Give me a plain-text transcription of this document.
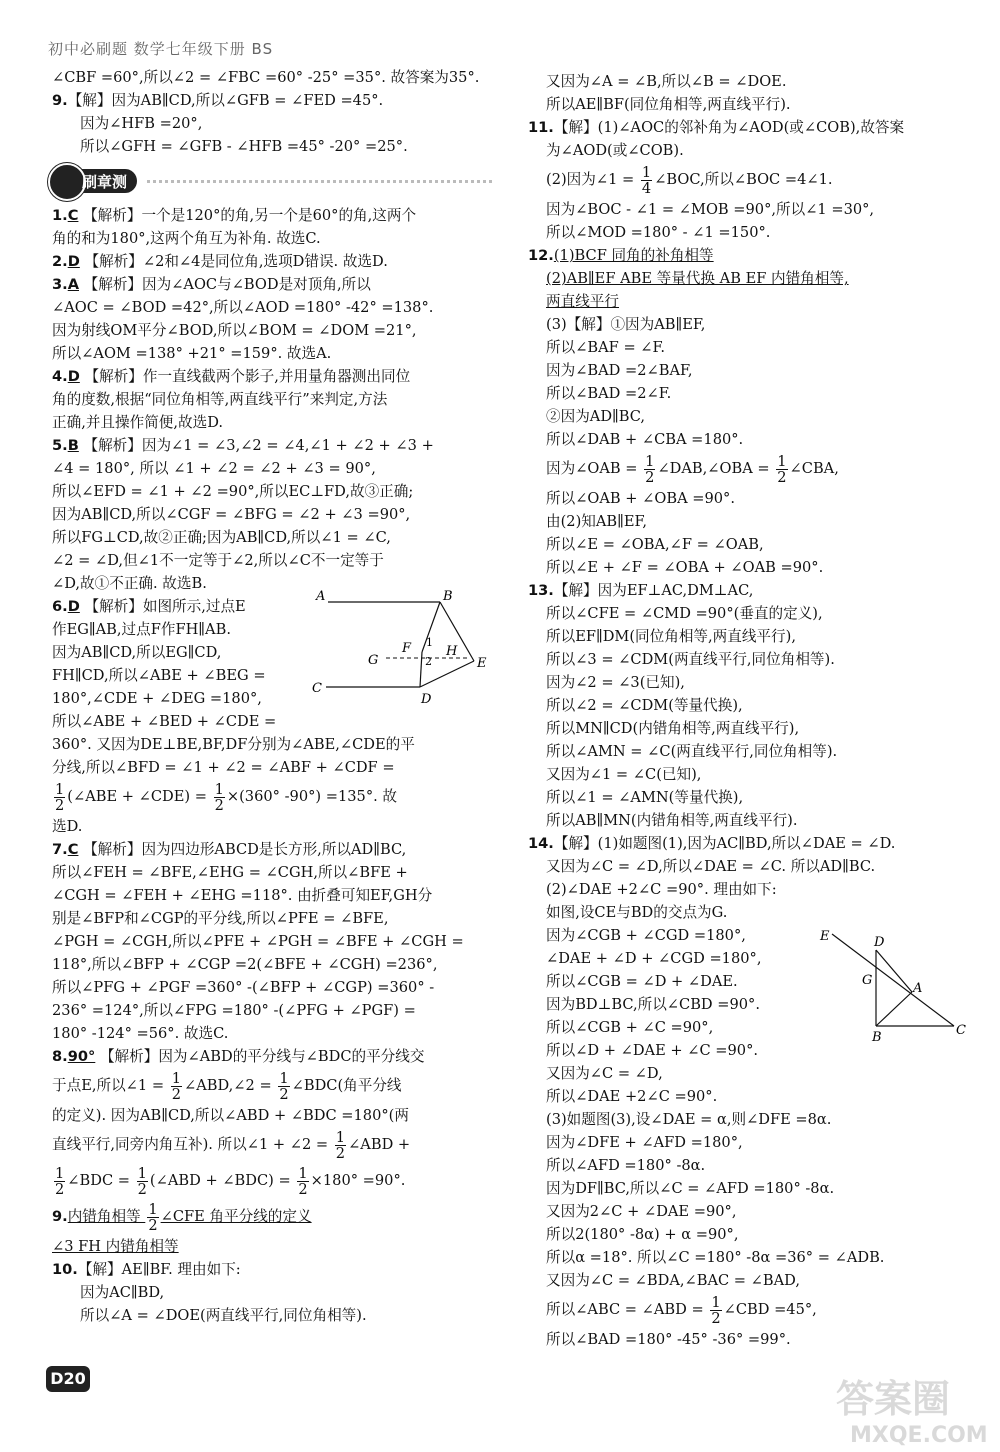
初中必刷题 数学七年级下册 BS
∠CBF =60°,所以∠2 = ∠FBC =60° -25° =35°. 故答案为35°.
9.【解】因为AB∥CD,所以∠GFB = ∠FED =45°.
因为∠HFB =20°,
所以∠GFH = ∠GFB - ∠HFB =45° -20° =25°.
刷章测
1.C 【解析】一个是120°的角,另一个是60°的角,这两个
角的和为180°,这两个角互为补角. 故选C.
2.D 【解析】∠2和∠4是同位角,选项D错误. 故选D.
3.A 【解析】因为∠AOC与∠BOD是对顶角,所以
∠AOC = ∠BOD =42°,所以∠AOD =180° -42° =138°.
因为射线OM平分∠BOD,所以∠BOM = ∠DOM =21°,
所以∠AOM =138° +21° =159°. 故选A.
4.D 【解析】作一直线截两个影子,并用量角器测出同位
角的度数,根据“同位角相等,两直线平行”来判定,方法
正确,并且操作简便,故选D.
5.B 【解析】因为∠1 = ∠3,∠2 = ∠4,∠1 + ∠2 + ∠3 +
∠4 = 180°, 所以 ∠1 + ∠2 = ∠2 + ∠3 = 90°,
所以∠EFD = ∠1 + ∠2 =90°,所以EC⊥FD,故③正确;
因为AB∥CD,所以∠CGF = ∠BFG = ∠2 + ∠3 =90°,
所以FG⊥CD,故②正确;因为AB∥CD,所以∠1 = ∠C,
∠2 = ∠D,但∠1不一定等于∠2,所以∠C不一定等于
∠D,故①不正确. 故选B.
6.D 【解析】如图所示,过点E
作EG∥AB,过点F作FH∥AB.
因为AB∥CD,所以EG∥CD,
FH∥CD,所以∠ABE + ∠BEG =
180°,∠CDE + ∠DEG =180°,
所以∠ABE + ∠BED + ∠CDE =
360°. 又因为DE⊥BE,BF,DF分别为∠ABE,∠CDE的平
分线,所以∠BFD = ∠1 + ∠2 = ∠ABF + ∠CDF =
$\frac{1}{2}$ (∠ABE + ∠CDE) = $\frac{1}{2} \times(360^\circ$ -90°) =135°. 故
选D.
7.C 【解析】因为四边形ABCD是长方形,所以AD∥BC,
所以∠FEH = ∠BFE,∠EHG = ∠CGH,所以∠BFE +
∠CGH = ∠FEH + ∠EHG =118°. 由折叠可知EF,GH分
别是∠BFP和∠CGP的平分线,所以∠PFE = ∠BFE,
∠PGH = ∠CGH,所以∠PFE + ∠PGH = ∠BFE + ∠CGH =
118°,所以∠BFP + ∠CGP =2(∠BFE + ∠CGH) =236°,
所以∠PFG + ∠PGF =360° -(∠BFP + ∠CGP) =360° -
236° =124°,所以∠FPG =180° -(∠PFG + ∠PGF) =
180° -124° =56°. 故选C.
8.90° 【解析】因为∠ABD的平分线与∠BDC的平分线交
于点E,所以∠1 = $\frac{1}{2}$ ∠ABD,∠2 = $\frac{1}{2}$ ∠BDC(角平分线
的定义). 因为AB∥CD,所以∠ABD + ∠BDC =180°(两
直线平行,同旁内角互补). 所以∠1 + ∠2 = $\frac{1}{2}$ ∠ABD +
$\frac{1}{2}$ ∠BDC = $\frac{1}{2}$ (∠ABD + ∠BDC) = $\frac{1}{2} \times 180^\circ =90^\circ$.
9.内错角相等 $\frac{1}{2}$ ∠CFE 角平分线的定义
∠3 FH 内错角相等
10.【解】AE∥BF. 理由如下:
因为AC∥BD,
所以∠A = ∠DOE(两直线平行,同位角相等).
又因为∠A = ∠B,所以∠B = ∠DOE.
所以AE∥BF(同位角相等,两直线平行).
11.【解】(1)∠AOC的邻补角为∠AOD(或∠COB),故答案
为∠AOD(或∠COB).
(2)因为∠1 = $\frac{1}{4}$ ∠BOC,所以∠BOC =4∠1.
因为∠BOC - ∠1 = ∠MOB =90°,所以∠1 =30°,
所以∠MOD =180° - ∠1 =150°.
12.(1)BCF 同角的补角相等
(2)AB∥EF ABE 等量代换 AB EF 内错角相等,
两直线平行
(3)【解】①因为AB∥EF,
所以∠BAF = ∠F.
因为∠BAD =2∠BAF,
所以∠BAD =2∠F.
②因为AD∥BC,
所以∠DAB + ∠CBA =180°.
因为∠OAB = $\frac{1}{2}$ ∠DAB,∠OBA = $\frac{1}{2}$ ∠CBA,
所以∠OAB + ∠OBA =90°.
由(2)知AB∥EF,
所以∠E = ∠OBA,∠F = ∠OAB,
所以∠E + ∠F = ∠OBA + ∠OAB =90°.
13.【解】因为EF⊥AC,DM⊥AC,
所以∠CFE = ∠CMD =90°(垂直的定义),
所以EF∥DM(同位角相等,两直线平行),
所以∠3 = ∠CDM(两直线平行,同位角相等).
因为∠2 = ∠3(已知),
所以∠2 = ∠CDM(等量代换),
所以MN∥CD(内错角相等,两直线平行),
所以∠AMN = ∠C(两直线平行,同位角相等).
又因为∠1 = ∠C(已知),
所以∠1 = ∠AMN(等量代换),
所以AB∥MN(内错角相等,两直线平行).
14.【解】(1)如题图(1),因为AC∥BD,所以∠DAE = ∠D.
又因为∠C = ∠D,所以∠DAE = ∠C. 所以AD∥BC.
(2)∠DAE +2∠C =90°. 理由如下:
如图,设CE与BD的交点为G.
因为∠CGB + ∠CGD =180°,
∠DAE + ∠D + ∠CGD =180°,
所以∠CGB = ∠D + ∠DAE.
因为BD⊥BC,所以∠CBD =90°.
所以∠CGB + ∠C =90°,
所以∠D + ∠DAE + ∠C =90°.
又因为∠C = ∠D,
所以∠DAE +2∠C =90°.
(3)如题图(3),设∠DAE = α,则∠DFE =8α.
因为∠DFE + ∠AFD =180°,
所以∠AFD =180° -8α.
因为DF∥BC,所以∠C = ∠AFD =180° -8α.
又因为2∠C + ∠DAE =90°,
所以2(180° -8α) + α =90°,
所以α =18°. 所以∠C =180° -8α =36° = ∠ADB.
又因为∠C = ∠BDA,∠BAC = ∠BAD,
所以∠ABC = ∠ABD = $\frac{1}{2}$ ∠CBD =45°,
所以∠BAD =180° -45° -36° =99°.
A	B
C
D
E
F
G
H
1
2
E	D
G
A
B	C
D20	答案圈
MXQE.COM
